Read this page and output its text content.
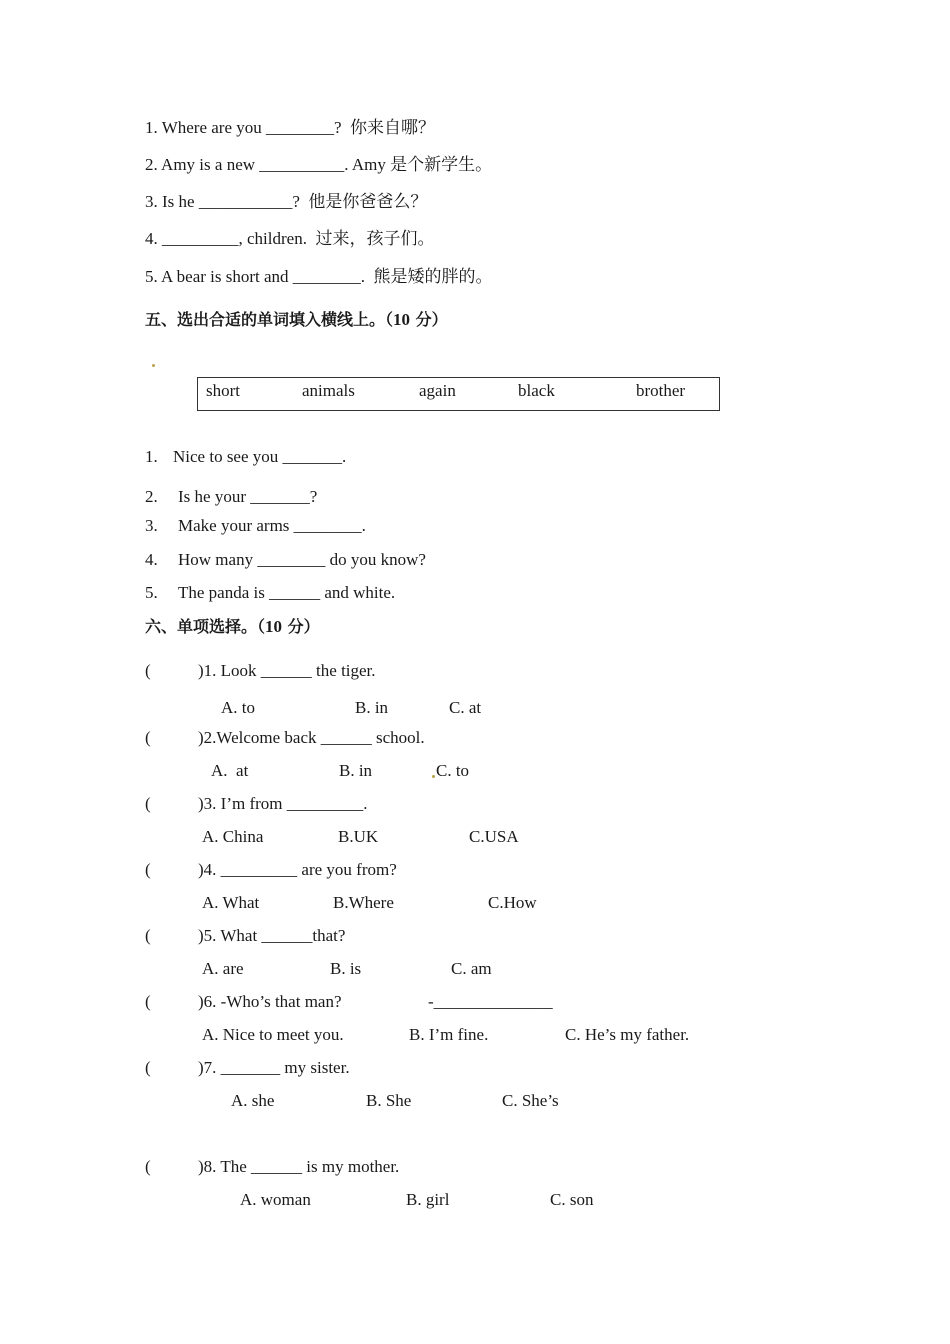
1. Where are you ________?  你来自哪？
2. Amy is a new __________. Amy 是个新学生。
3. Is he ___________?  他是你爸爸么？
4. _________, children.  过来，孩子们。
5. A bear is short and ________.  熊是矮的胖的。
五、选出合适的单词填入横线上。（10 分）
short	animals	again	black	brother
1. Nice to see you _______.
2. Is he your _______?
3. Make your arms ________.
4. How many ________ do you know?
5. The panda is ______ and white.
六、单项选择。（10 分）
(	)1. Look ______ the tiger.
A. to	B. in	C. at
(	)2.Welcome back ______ school.
A.  at	B. in	C. to
(	)3. I’m from _________.
A. China	B.UK	C.USA
(	)4. _________ are you from?
A. What	B.Where	C.How
(	)5. What ______that?
A. are	B. is	C. am
(	)6. -Who’s that man?	-______________
A. Nice to meet you.	B. I’m fine.	C. He’s my father.
(	)7. _______ my sister.
A. she	B. She	C. She’s
(	)8. The ______ is my mother.
A. woman	B. girl	C. son
